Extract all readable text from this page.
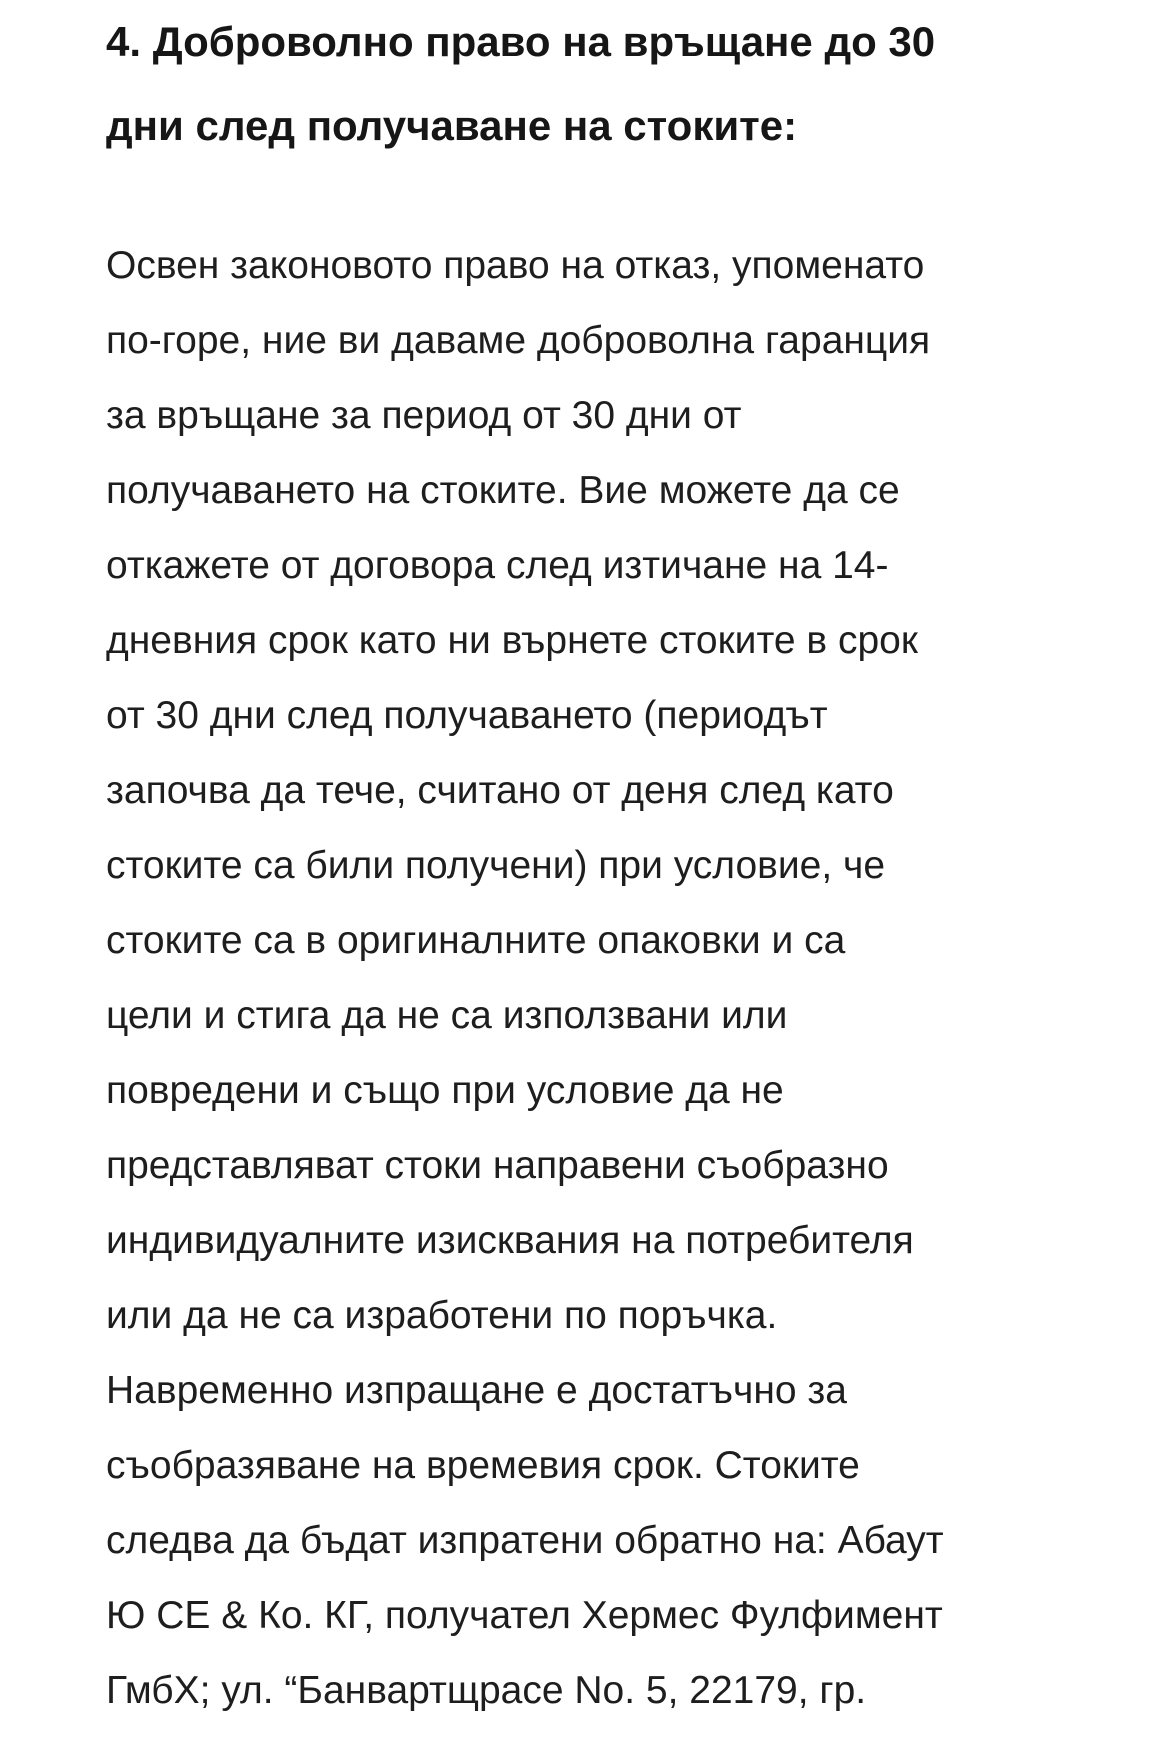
4. Доброволно право на връщане до 30
дни след получаване на стоките:

Освен законовото право на отказ, упоменато
по-горе, ние ви даваме доброволна гаранция
за връщане за период от 30 дни от
получаването на стоките. Вие можете да се
откажете от договора след изтичане на 14-
дневния срок като ни върнете стоките в срок
от 30 дни след получаването (периодът
започва да тече, считано от деня след като
стоките са били получени) при условие, че
стоките са в оригиналните опаковки и са
цели и стига да не са използвани или
повредени и също при условие да не
представляват стоки направени съобразно
индивидуалните изисквания на потребителя
или да не са изработени по поръчка.
Навременно изпращане е достатъчно за
съобразяване на времевия срок. Стоките
следва да бъдат изпратени обратно на: Абаут
Ю СЕ & Ко. КГ, получател Хермес Фулфимент
ГмбХ; ул. “Банвартщрасе No. 5, 22179, гр.
